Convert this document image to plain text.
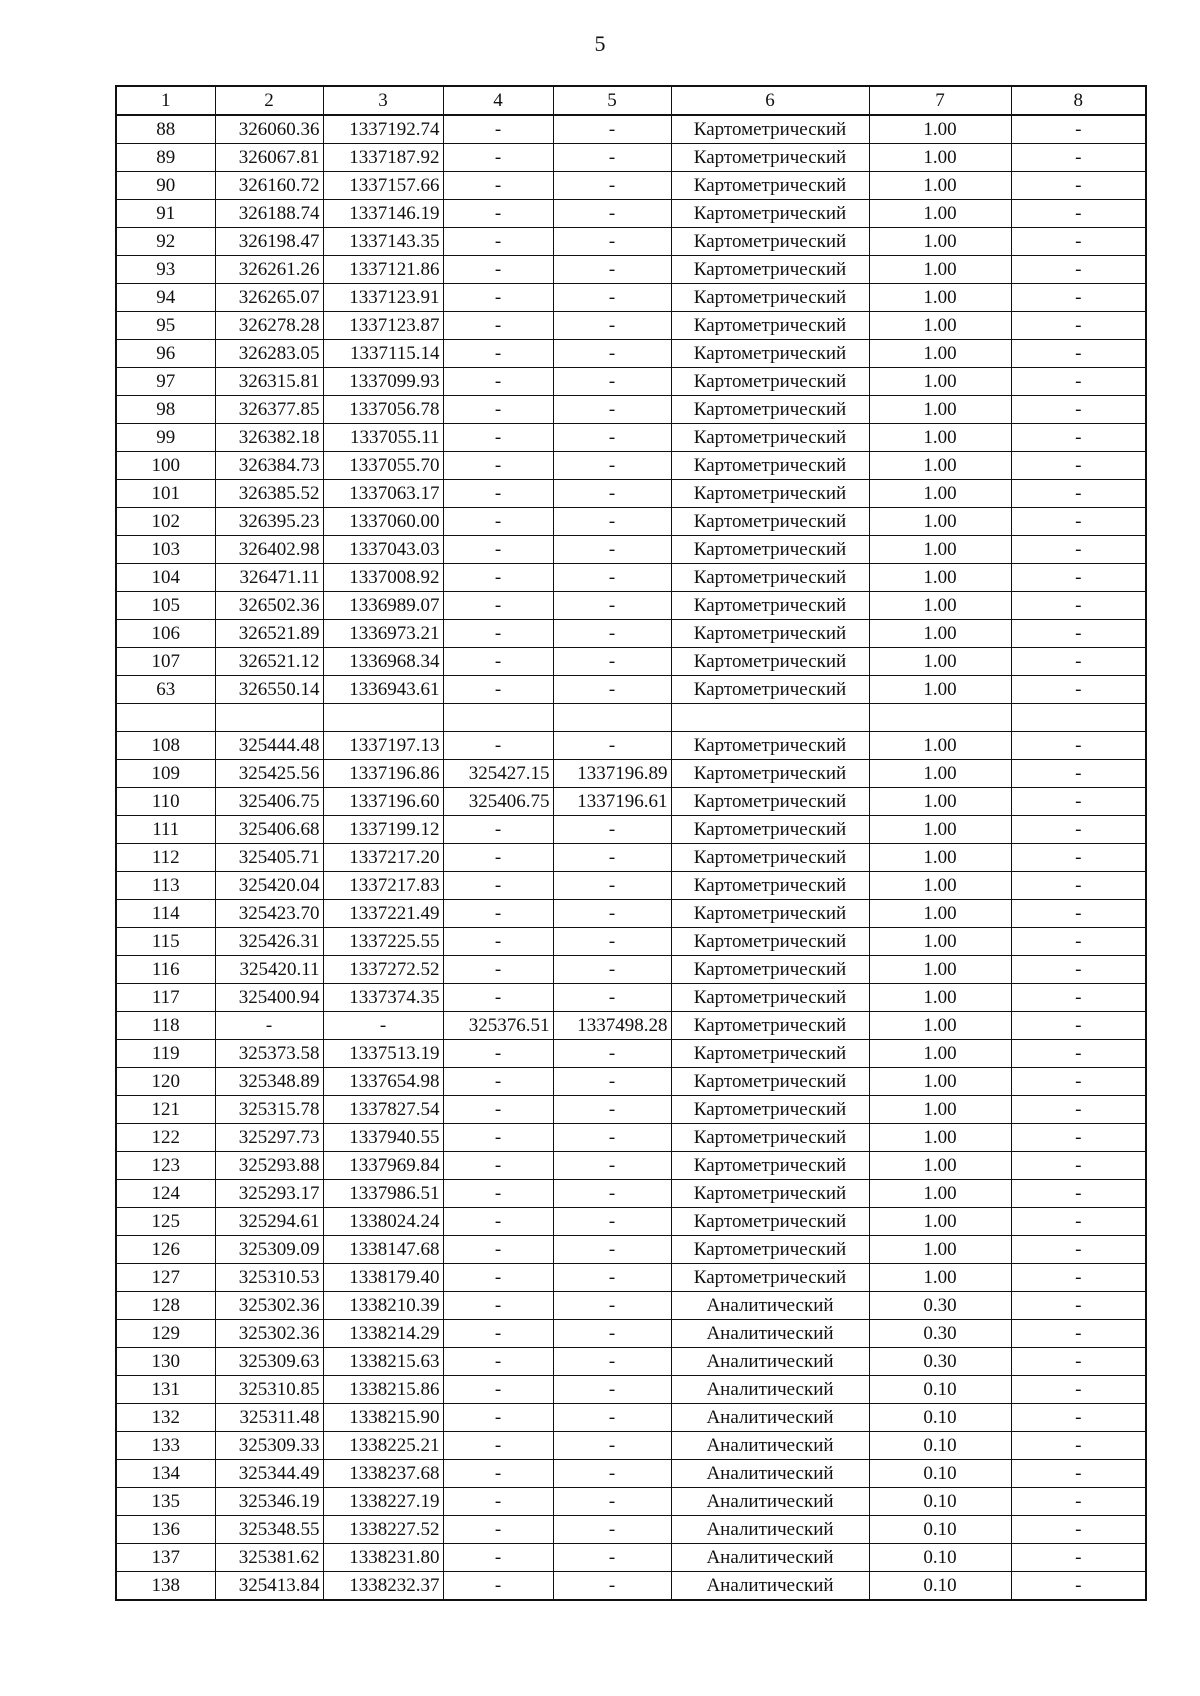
5
1	2	3	4	5	6	7	8
88	326060.36	1337192.74	-	-	Картометрический	1.00	-
89	326067.81	1337187.92	-	-	Картометрический	1.00	-
90	326160.72	1337157.66	-	-	Картометрический	1.00	-
91	326188.74	1337146.19	-	-	Картометрический	1.00	-
92	326198.47	1337143.35	-	-	Картометрический	1.00	-
93	326261.26	1337121.86	-	-	Картометрический	1.00	-
94	326265.07	1337123.91	-	-	Картометрический	1.00	-
95	326278.28	1337123.87	-	-	Картометрический	1.00	-
96	326283.05	1337115.14	-	-	Картометрический	1.00	-
97	326315.81	1337099.93	-	-	Картометрический	1.00	-
98	326377.85	1337056.78	-	-	Картометрический	1.00	-
99	326382.18	1337055.11	-	-	Картометрический	1.00	-
100	326384.73	1337055.70	-	-	Картометрический	1.00	-
101	326385.52	1337063.17	-	-	Картометрический	1.00	-
102	326395.23	1337060.00	-	-	Картометрический	1.00	-
103	326402.98	1337043.03	-	-	Картометрический	1.00	-
104	326471.11	1337008.92	-	-	Картометрический	1.00	-
105	326502.36	1336989.07	-	-	Картометрический	1.00	-
106	326521.89	1336973.21	-	-	Картометрический	1.00	-
107	326521.12	1336968.34	-	-	Картометрический	1.00	-
63	326550.14	1336943.61	-	-	Картометрический	1.00	-

108	325444.48	1337197.13	-	-	Картометрический	1.00	-
109	325425.56	1337196.86	325427.15	1337196.89	Картометрический	1.00	-
110	325406.75	1337196.60	325406.75	1337196.61	Картометрический	1.00	-
111	325406.68	1337199.12	-	-	Картометрический	1.00	-
112	325405.71	1337217.20	-	-	Картометрический	1.00	-
113	325420.04	1337217.83	-	-	Картометрический	1.00	-
114	325423.70	1337221.49	-	-	Картометрический	1.00	-
115	325426.31	1337225.55	-	-	Картометрический	1.00	-
116	325420.11	1337272.52	-	-	Картометрический	1.00	-
117	325400.94	1337374.35	-	-	Картометрический	1.00	-
118	-	-	325376.51	1337498.28	Картометрический	1.00	-
119	325373.58	1337513.19	-	-	Картометрический	1.00	-
120	325348.89	1337654.98	-	-	Картометрический	1.00	-
121	325315.78	1337827.54	-	-	Картометрический	1.00	-
122	325297.73	1337940.55	-	-	Картометрический	1.00	-
123	325293.88	1337969.84	-	-	Картометрический	1.00	-
124	325293.17	1337986.51	-	-	Картометрический	1.00	-
125	325294.61	1338024.24	-	-	Картометрический	1.00	-
126	325309.09	1338147.68	-	-	Картометрический	1.00	-
127	325310.53	1338179.40	-	-	Картометрический	1.00	-
128	325302.36	1338210.39	-	-	Аналитический	0.30	-
129	325302.36	1338214.29	-	-	Аналитический	0.30	-
130	325309.63	1338215.63	-	-	Аналитический	0.30	-
131	325310.85	1338215.86	-	-	Аналитический	0.10	-
132	325311.48	1338215.90	-	-	Аналитический	0.10	-
133	325309.33	1338225.21	-	-	Аналитический	0.10	-
134	325344.49	1338237.68	-	-	Аналитический	0.10	-
135	325346.19	1338227.19	-	-	Аналитический	0.10	-
136	325348.55	1338227.52	-	-	Аналитический	0.10	-
137	325381.62	1338231.80	-	-	Аналитический	0.10	-
138	325413.84	1338232.37	-	-	Аналитический	0.10	-
